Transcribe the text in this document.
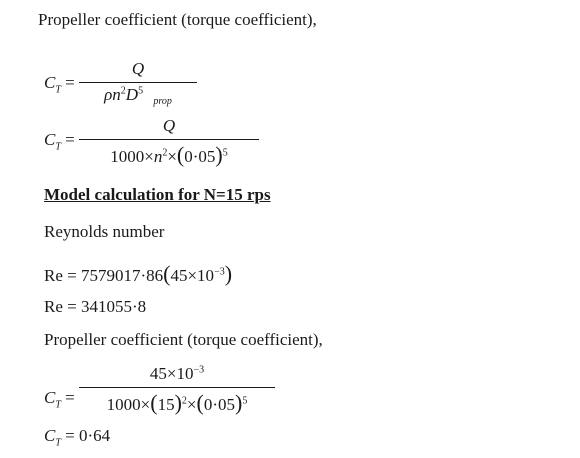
Propeller coefficient (torque coefficient),
$C_T$ =
Q
$\rho n^2D^5$ $_{prop}$
$C_T$ =
Q
$1000\times n^2\times(0\cdot 05)^5$
Model calculation for N=15 rps
Reynolds number
$Re = 7579017\cdot 86(45\times 10^{-3})$
Re = 341055·8
Propeller coefficient (torque coefficient),
$C_T$ =
$45\times 10^{-3}$
$1000\times(15)^2\times(0\cdot 05)^5$
$C_T = 0\cdot 64$
